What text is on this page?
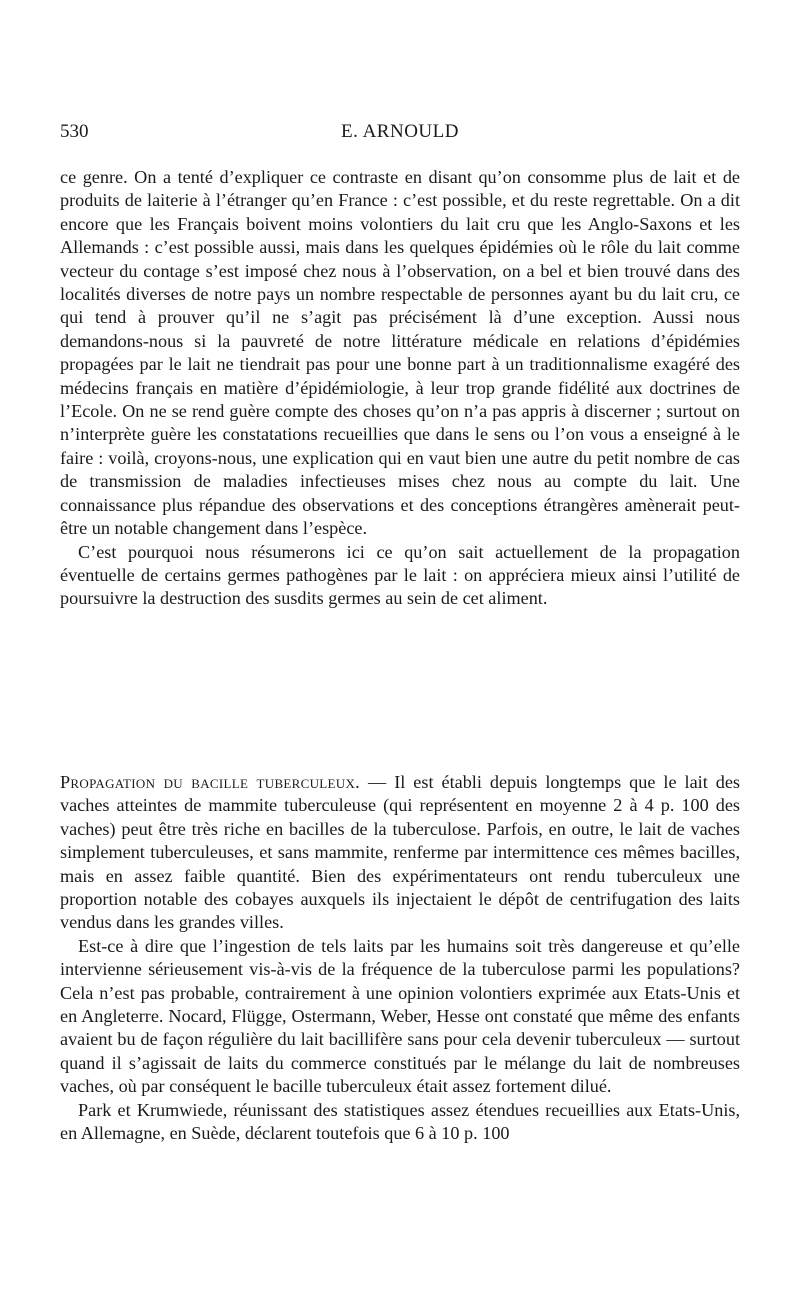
530	E. ARNOULD

ce genre. On a tenté d’expliquer ce contraste en disant qu’on consomme plus de lait et de produits de laiterie à l’étranger qu’en France : c’est possible, et du reste regrettable. On a dit encore que les Français boivent moins volontiers du lait cru que les Anglo-Saxons et les Allemands : c’est possible aussi, mais dans les quelques épidémies où le rôle du lait comme vecteur du contage s’est imposé chez nous à l’observation, on a bel et bien trouvé dans des localités diverses de notre pays un nombre respectable de personnes ayant bu du lait cru, ce qui tend à prouver qu’il ne s’agit pas précisément là d’une exception. Aussi nous demandons-nous si la pauvreté de notre littérature médicale en relations d’épidémies propagées par le lait ne tiendrait pas pour une bonne part à un traditionnalisme exagéré des médecins français en matière d’épidémiologie, à leur trop grande fidélité aux doctrines de l’Ecole. On ne se rend guère compte des choses qu’on n’a pas appris à discerner ; surtout on n’interprète guère les constatations recueillies que dans le sens ou l’on vous a enseigné à le faire : voilà, croyons-nous, une explication qui en vaut bien une autre du petit nombre de cas de transmission de maladies infectieuses mises chez nous au compte du lait. Une connaissance plus répandue des observations et des conceptions étrangères amènerait peut-être un notable changement dans l’espèce.

C’est pourquoi nous résumerons ici ce qu’on sait actuellement de la propagation éventuelle de certains germes pathogènes par le lait : on appréciera mieux ainsi l’utilité de poursuivre la destruction des susdits germes au sein de cet aliment.

Propagation du bacille tuberculeux. — Il est établi depuis longtemps que le lait des vaches atteintes de mammite tuberculeuse (qui représentent en moyenne 2 à 4 p. 100 des vaches) peut être très riche en bacilles de la tuberculose. Parfois, en outre, le lait de vaches simplement tuberculeuses, et sans mammite, renferme par intermittence ces mêmes bacilles, mais en assez faible quantité. Bien des expérimentateurs ont rendu tuberculeux une proportion notable des cobayes auxquels ils injectaient le dépôt de centrifugation des laits vendus dans les grandes villes.

Est-ce à dire que l’ingestion de tels laits par les humains soit très dangereuse et qu’elle intervienne sérieusement vis-à-vis de la fréquence de la tuberculose parmi les populations? Cela n’est pas probable, contrairement à une opinion volontiers exprimée aux Etats-Unis et en Angleterre. Nocard, Flügge, Ostermann, Weber, Hesse ont constaté que même des enfants avaient bu de façon régulière du lait bacillifère sans pour cela devenir tuberculeux — surtout quand il s’agissait de laits du commerce constitués par le mélange du lait de nombreuses vaches, où par conséquent le bacille tuberculeux était assez fortement dilué.

Park et Krumwiede, réunissant des statistiques assez étendues recueillies aux Etats-Unis, en Allemagne, en Suède, déclarent toutefois que 6 à 10 p. 100
